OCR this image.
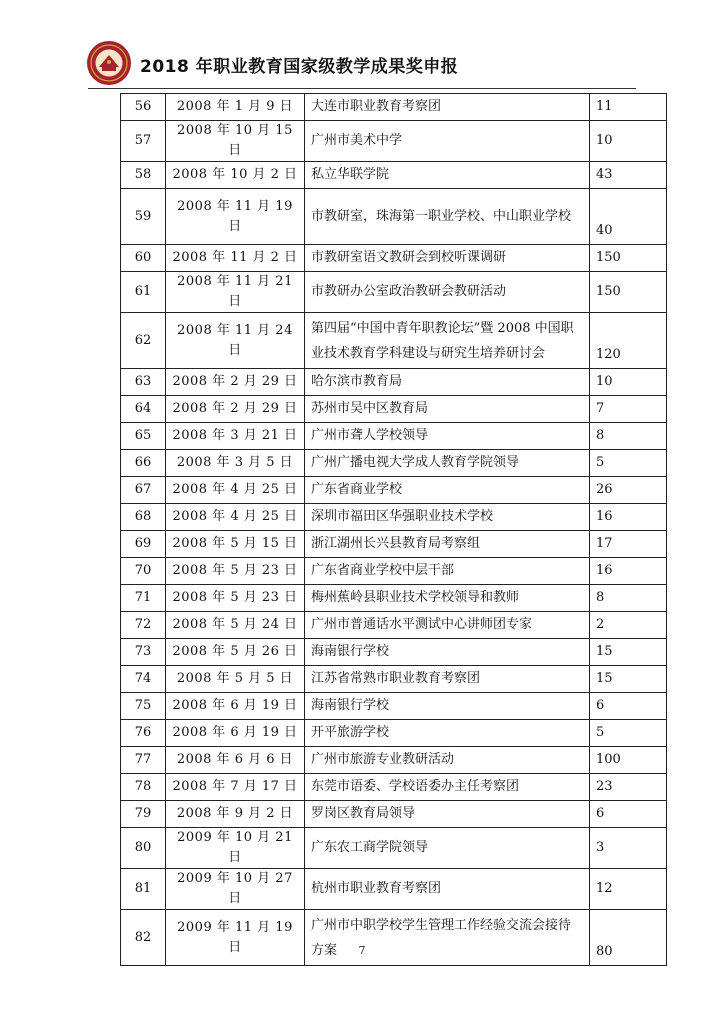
2018 年职业教育国家级教学成果奖申报
56	2008 年 1 月 9 日	大连市职业教育考察团	11
57	2008 年 10 月 15 日	广州市美术中学	10
58	2008 年 10 月 2 日	私立华联学院	43
59	2008 年 11 月 19 日	市教研室，珠海第一职业学校、中山职业学校	40
60	2008 年 11 月 2 日	市教研室语文教研会到校听课调研	150
61	2008 年 11 月 21 日	市教研办公室政治教研会教研活动	150
62	2008 年 11 月 24 日	第四届“中国中青年职教论坛”暨 2008 中国职业技术教育学科建设与研究生培养研讨会	120
63	2008 年 2 月 29 日	哈尔滨市教育局	10
64	2008 年 2 月 29 日	苏州市吴中区教育局	7
65	2008 年 3 月 21 日	广州市聋人学校领导	8
66	2008 年 3 月 5 日	广州广播电视大学成人教育学院领导	5
67	2008 年 4 月 25 日	广东省商业学校	26
68	2008 年 4 月 25 日	深圳市福田区华强职业技术学校	16
69	2008 年 5 月 15 日	浙江湖州长兴县教育局考察组	17
70	2008 年 5 月 23 日	广东省商业学校中层干部	16
71	2008 年 5 月 23 日	梅州蕉岭县职业技术学校领导和教师	8
72	2008 年 5 月 24 日	广州市普通话水平测试中心讲师团专家	2
73	2008 年 5 月 26 日	海南银行学校	15
74	2008 年 5 月 5 日	江苏省常熟市职业教育考察团	15
75	2008 年 6 月 19 日	海南银行学校	6
76	2008 年 6 月 19 日	开平旅游学校	5
77	2008 年 6 月 6 日	广州市旅游专业教研活动	100
78	2008 年 7 月 17 日	东莞市语委、学校语委办主任考察团	23
79	2008 年 9 月 2 日	罗岗区教育局领导	6
80	2009 年 10 月 21 日	广东农工商学院领导	3
81	2009 年 10 月 27 日	杭州市职业教育考察团	12
82	2009 年 11 月 19 日	广州市中职学校学生管理工作经验交流会接待方案	80
7
